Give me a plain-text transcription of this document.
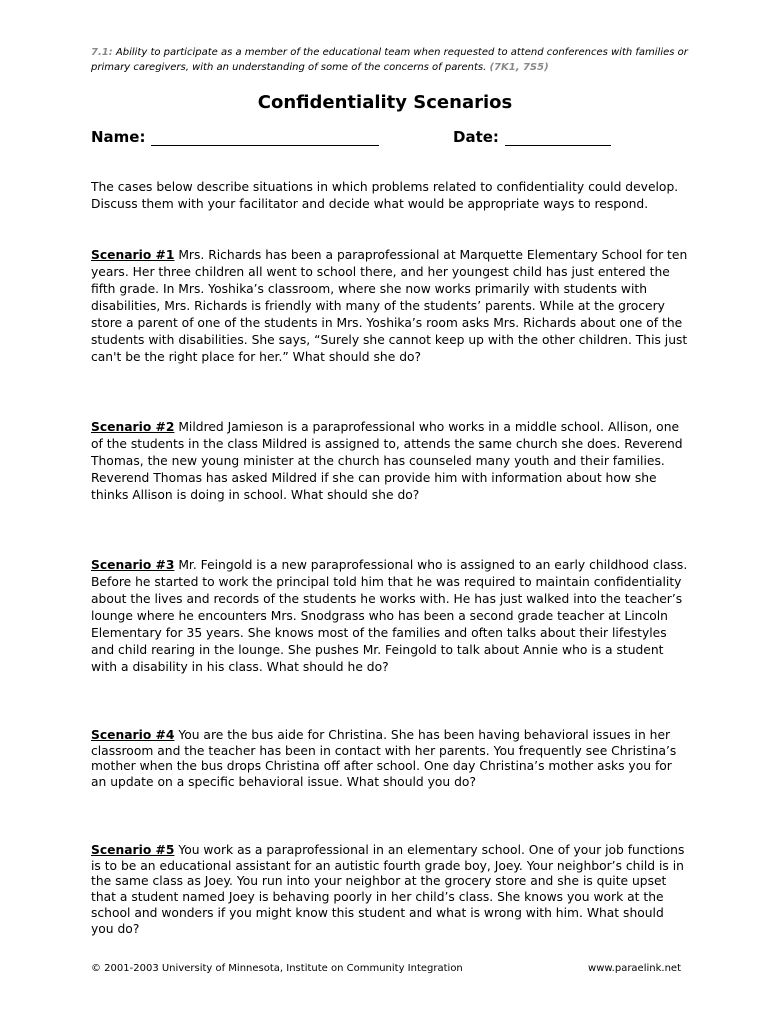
7.1: Ability to participate as a member of the educational team when requested to attend conferences with families or primary caregivers, with an understanding of some of the concerns of parents. (7K1, 7S5)
Confidentiality Scenarios
Name:	Date:
The cases below describe situations in which problems related to confidentiality could develop. Discuss them with your facilitator and decide what would be appropriate ways to respond.
Scenario #1 Mrs. Richards has been a paraprofessional at Marquette Elementary School for ten years. Her three children all went to school there, and her youngest child has just entered the fifth grade. In Mrs. Yoshika’s classroom, where she now works primarily with students with disabilities, Mrs. Richards is friendly with many of the students’ parents. While at the grocery store a parent of one of the students in Mrs. Yoshika’s room asks Mrs. Richards about one of the students with disabilities. She says, “Surely she cannot keep up with the other children. This just can't be the right place for her.” What should she do?
Scenario #2 Mildred Jamieson is a paraprofessional who works in a middle school. Allison, one of the students in the class Mildred is assigned to, attends the same church she does. Reverend Thomas, the new young minister at the church has counseled many youth and their families. Reverend Thomas has asked Mildred if she can provide him with information about how she thinks Allison is doing in school. What should she do?
Scenario #3 Mr. Feingold is a new paraprofessional who is assigned to an early childhood class. Before he started to work the principal told him that he was required to maintain confidentiality about the lives and records of the students he works with. He has just walked into the teacher’s lounge where he encounters Mrs. Snodgrass who has been a second grade teacher at Lincoln Elementary for 35 years. She knows most of the families and often talks about their lifestyles and child rearing in the lounge. She pushes Mr. Feingold to talk about Annie who is a student with a disability in his class. What should he do?
Scenario #4 You are the bus aide for Christina. She has been having behavioral issues in her classroom and the teacher has been in contact with her parents. You frequently see Christina’s mother when the bus drops Christina off after school. One day Christina’s mother asks you for an update on a specific behavioral issue. What should you do?
Scenario #5 You work as a paraprofessional in an elementary school. One of your job functions is to be an educational assistant for an autistic fourth grade boy, Joey. Your neighbor’s child is in the same class as Joey. You run into your neighbor at the grocery store and she is quite upset that a student named Joey is behaving poorly in her child’s class. She knows you work at the school and wonders if you might know this student and what is wrong with him. What should you do?
© 2001-2003 University of Minnesota, Institute on Community Integration	www.paraelink.net
